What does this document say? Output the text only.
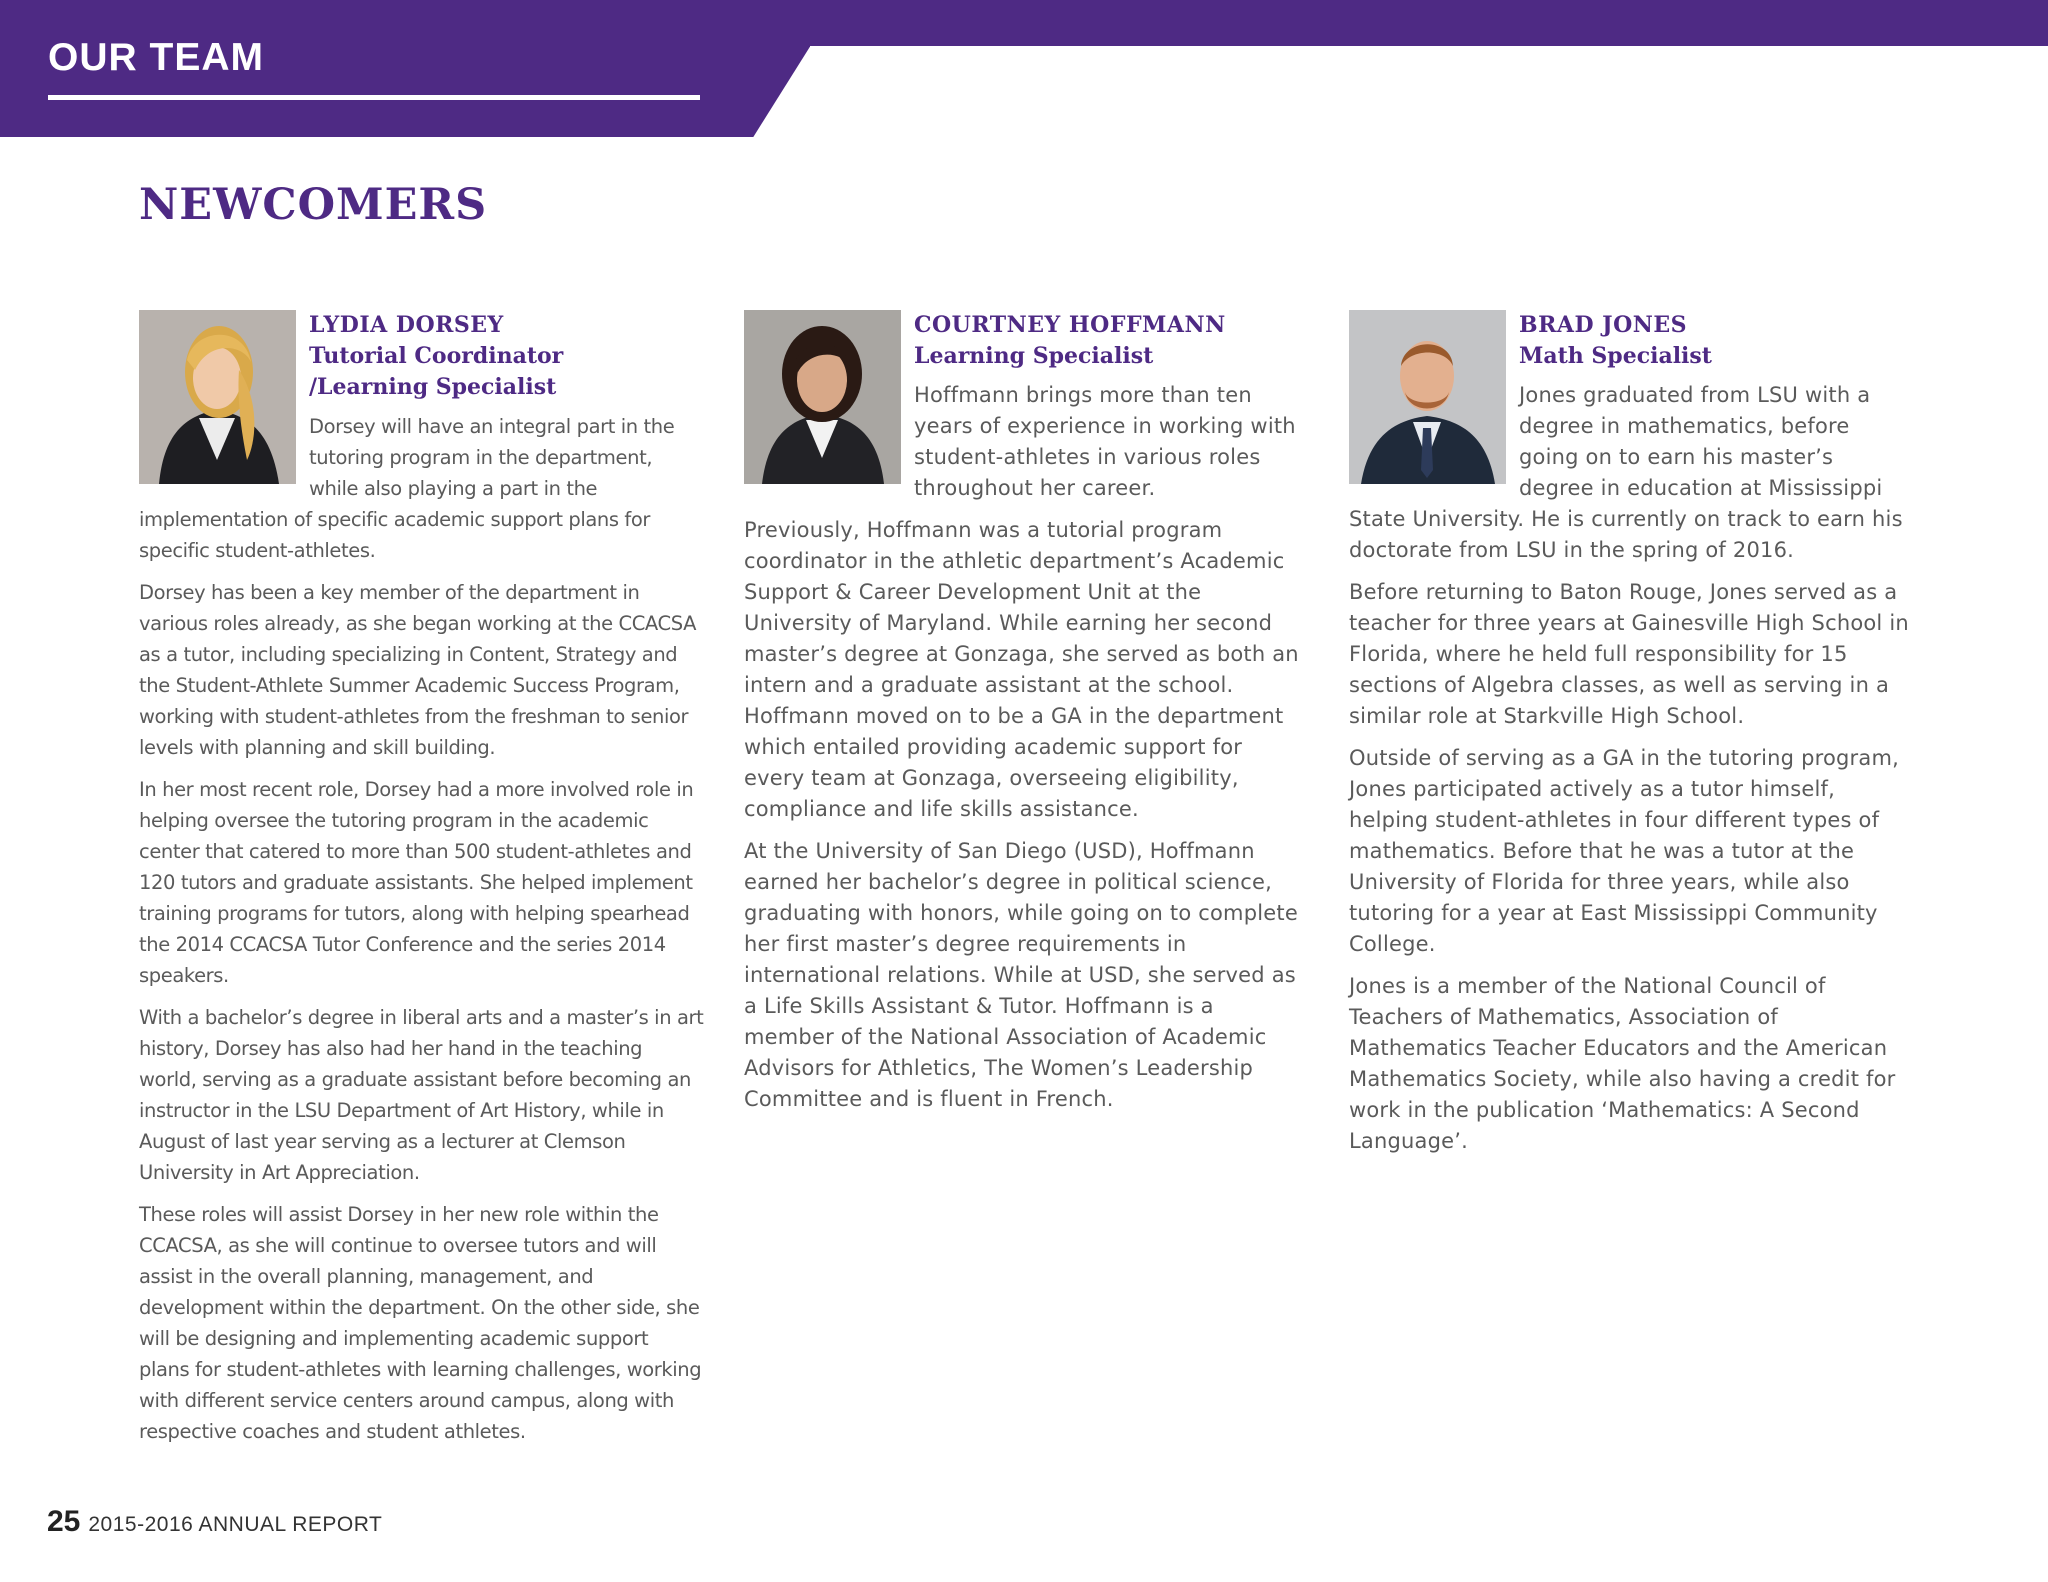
OUR TEAM
NEWCOMERS

LYDIA DORSEY

Tutorial Coordinator
/Learning Specialist

Dorsey will have an integral part in the tutoring program in the department, while also playing a part in the implementation of specific academic support plans for specific student-athletes.

Dorsey has been a key member of the department in various roles already, as she began working at the CCACSA as a tutor, including specializing in Content, Strategy and the Student-Athlete Summer Academic Success Program, working with student-athletes from the freshman to senior levels with planning and skill building.

In her most recent role, Dorsey had a more involved role in helping oversee the tutoring program in the academic center that catered to more than 500 student-athletes and 120 tutors and graduate assistants. She helped implement training programs for tutors, along with helping spearhead the 2014 CCACSA Tutor Conference and the series 2014 speakers.

With a bachelor’s degree in liberal arts and a master’s in art history, Dorsey has also had her hand in the teaching world, serving as a graduate assistant before becoming an instructor in the LSU Department of Art History, while in August of last year serving as a lecturer at Clemson University in Art Appreciation.

These roles will assist Dorsey in her new role within the CCACSA, as she will continue to oversee tutors and will assist in the overall planning, management, and development within the department. On the other side, she will be designing and implementing academic support plans for student-athletes with learning challenges, working with different service centers around campus, along with respective coaches and student athletes.

COURTNEY HOFFMANN

Learning Specialist

Hoffmann brings more than ten years of experience in working with student-athletes in various roles throughout her career.

Previously, Hoffmann was a tutorial program coordinator in the athletic department’s Academic Support & Career Development Unit at the University of Maryland. While earning her second master’s degree at Gonzaga, she served as both an intern and a graduate assistant at the school. Hoffmann moved on to be a GA in the department which entailed providing academic support for every team at Gonzaga, overseeing eligibility, compliance and life skills assistance.

At the University of San Diego (USD), Hoffmann earned her bachelor’s degree in political science, graduating with honors, while going on to complete her first master’s degree requirements in international relations. While at USD, she served as a Life Skills Assistant & Tutor. Hoffmann is a member of the National Association of Academic Advisors for Athletics, The Women’s Leadership Committee and is fluent in French.

BRAD JONES

Math Specialist

Jones graduated from LSU with a degree in mathematics, before going on to earn his master’s degree in education at Mississippi State University. He is currently on track to earn his doctorate from LSU in the spring of 2016.

Before returning to Baton Rouge, Jones served as a teacher for three years at Gainesville High School in Florida, where he held full responsibility for 15 sections of Algebra classes, as well as serving in a similar role at Starkville High School.

Outside of serving as a GA in the tutoring program, Jones participated actively as a tutor himself, helping student-athletes in four different types of mathematics. Before that he was a tutor at the University of Florida for three years, while also tutoring for a year at East Mississippi Community College.

Jones is a member of the National Council of Teachers of Mathematics, Association of Mathematics Teacher Educators and the American Mathematics Society, while also having a credit for work in the publication ‘Mathematics: A Second Language’.

25 2015-2016 ANNUAL REPORT
